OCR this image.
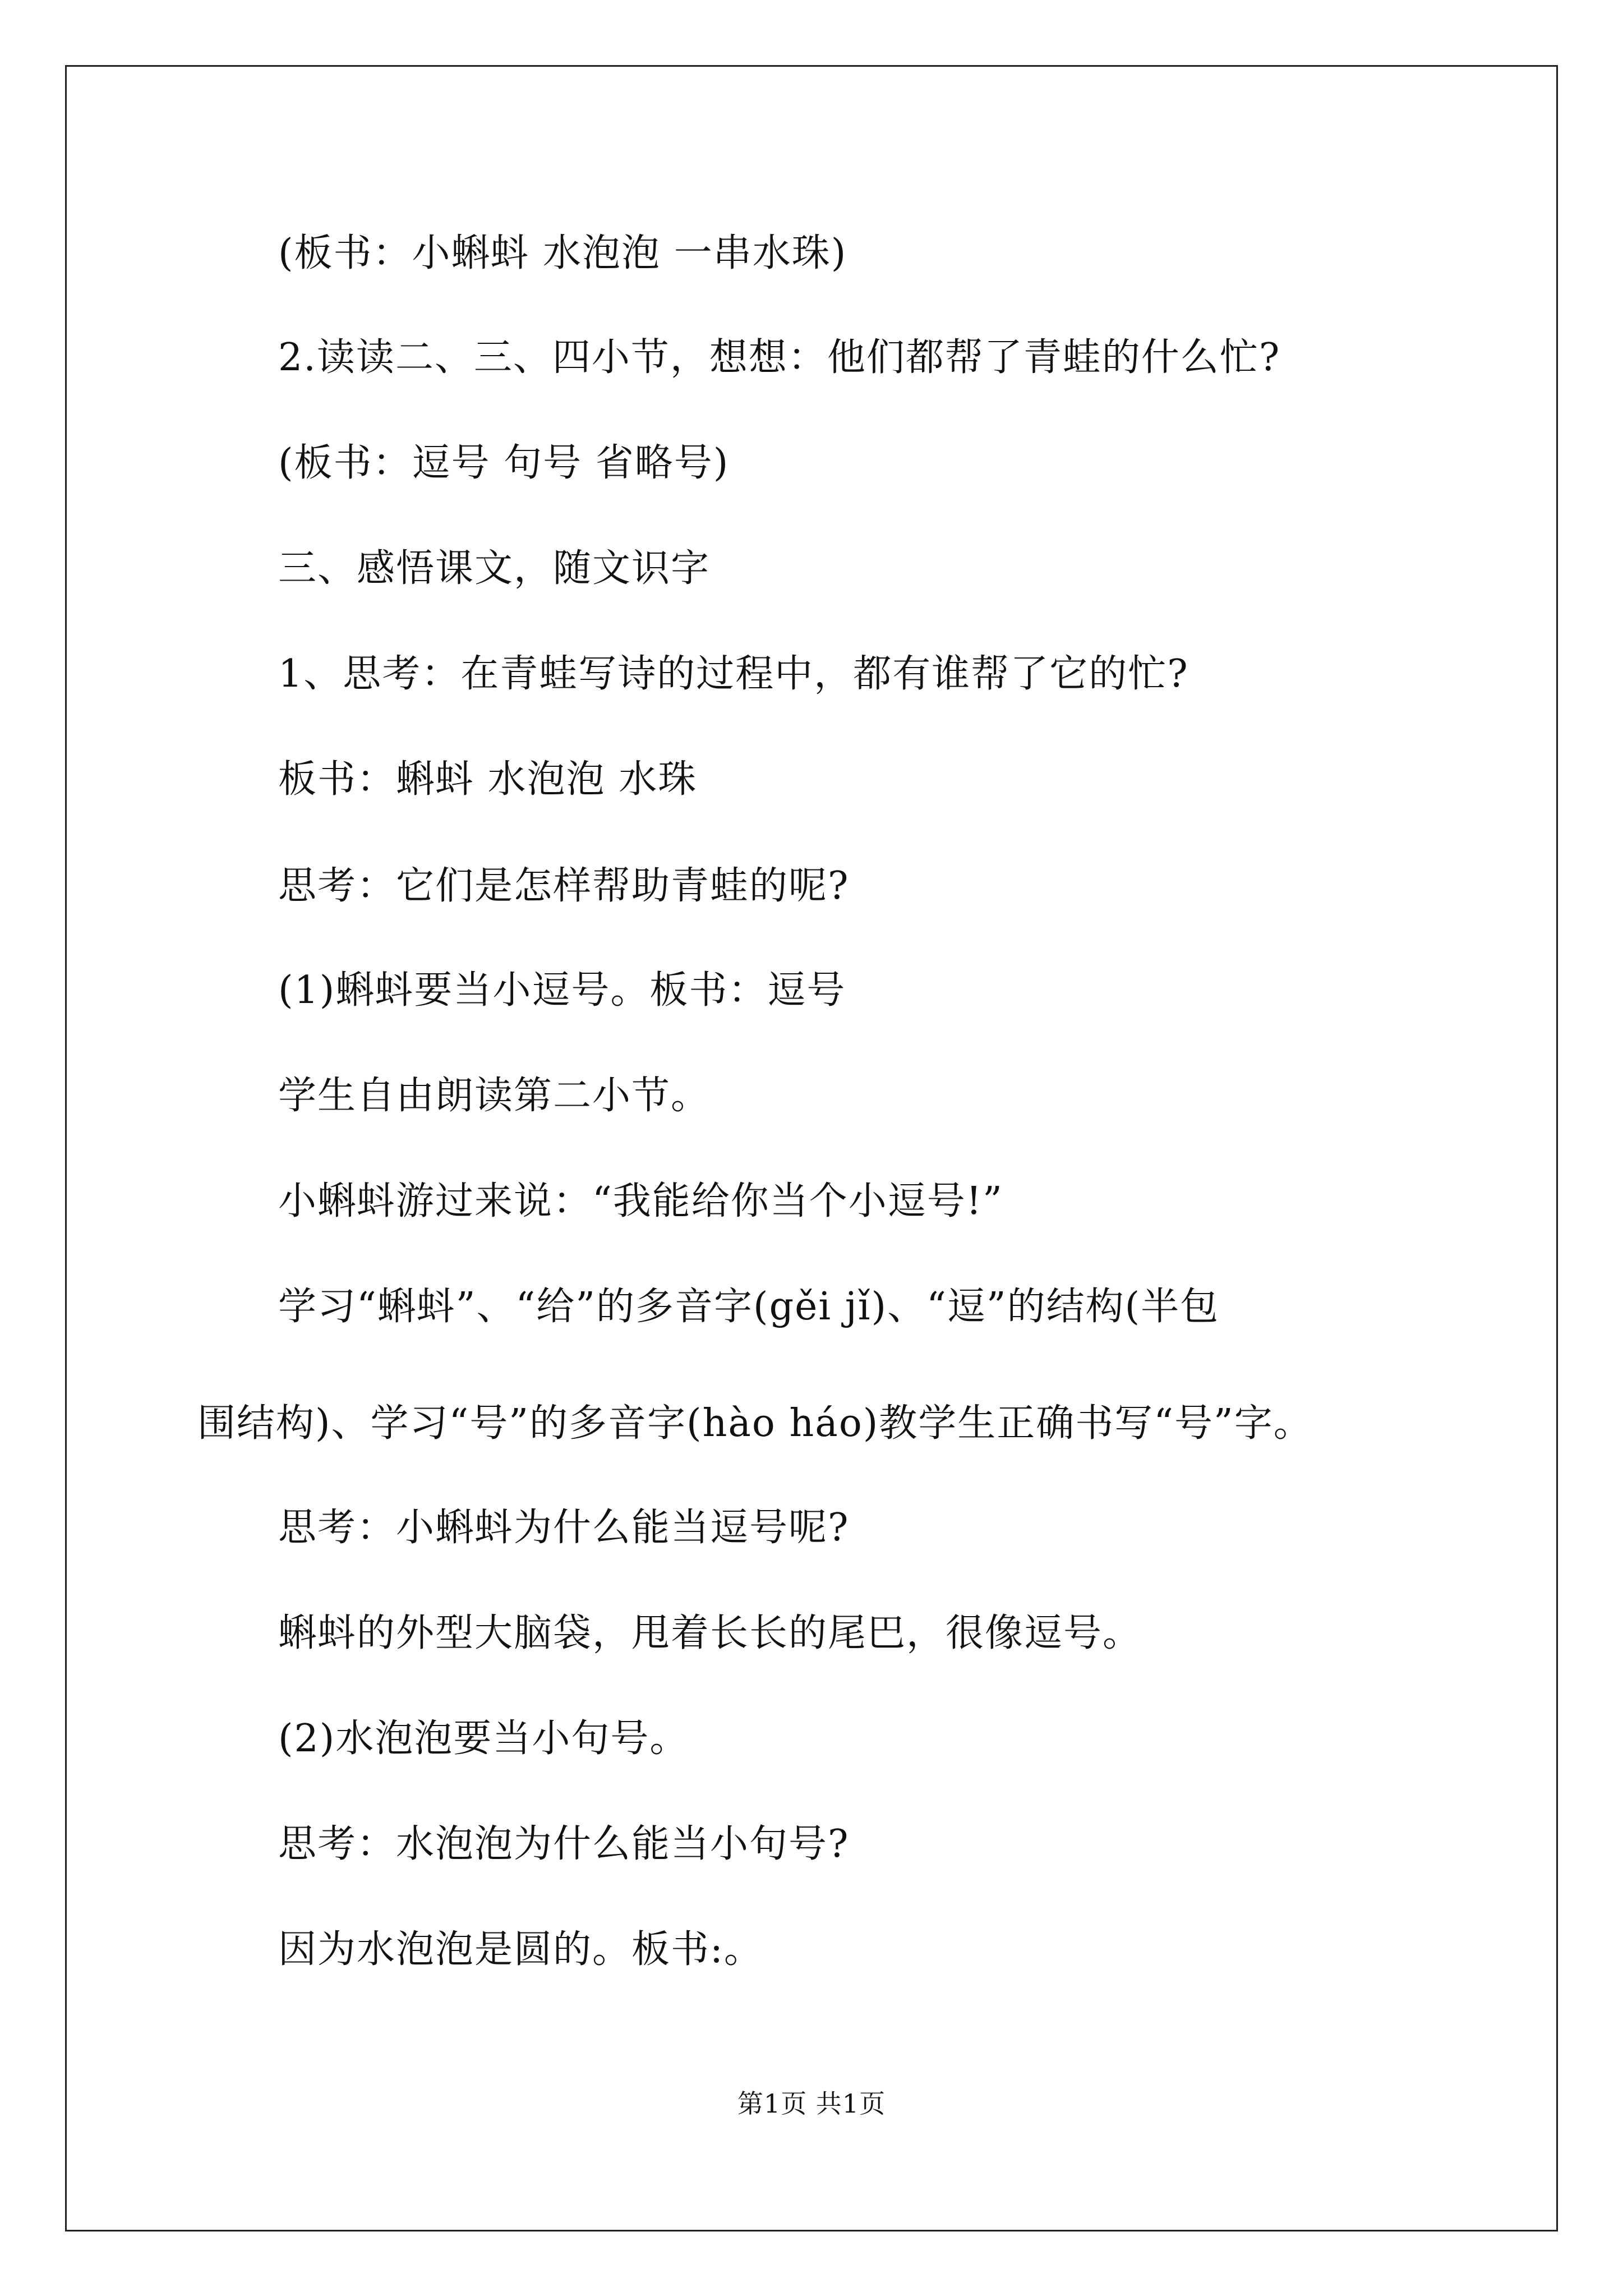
(板书：小蝌蚪 水泡泡 一串水珠)

2.读读二、三、四小节，想想：他们都帮了青蛙的什么忙?

(板书：逗号 句号 省略号)

三、感悟课文，随文识字

1、思考：在青蛙写诗的过程中，都有谁帮了它的忙?

板书：蝌蚪 水泡泡 水珠

思考：它们是怎样帮助青蛙的呢?

(1)蝌蚪要当小逗号。板书：逗号

学生自由朗读第二小节。

小蝌蚪游过来说：“我能给你当个小逗号!”

学习“蝌蚪”、“给”的多音字(gěi jǐ)、“逗”的结构(半包

围结构)、学习“号”的多音字(hào háo)教学生正确书写“号”字。

思考：小蝌蚪为什么能当逗号呢?

蝌蚪的外型大脑袋，甩着长长的尾巴，很像逗号。

(2)水泡泡要当小句号。

思考：水泡泡为什么能当小句号?

因为水泡泡是圆的。板书:。

第1页 共1页
